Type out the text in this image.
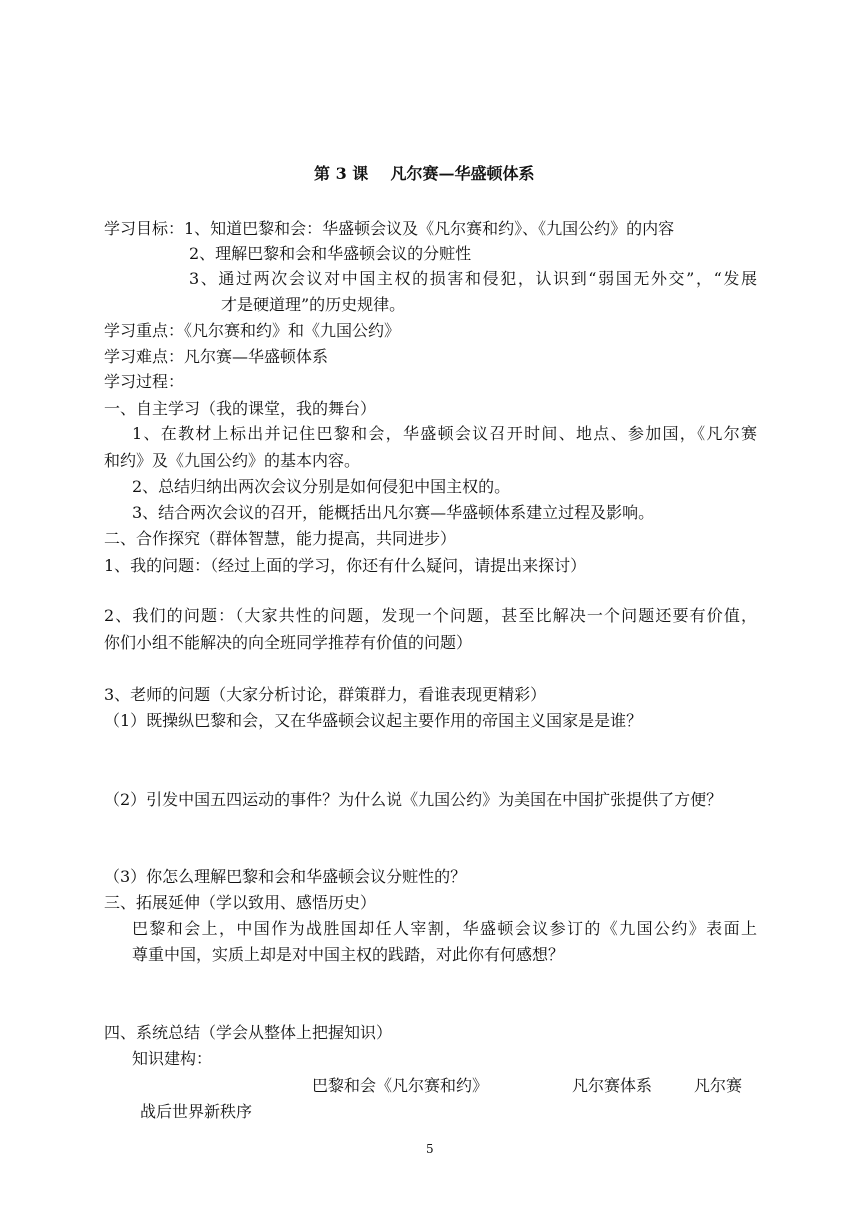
第 3 课    凡尔赛—华盛顿体系
学习目标：1、知道巴黎和会：华盛顿会议及《凡尔赛和约》、《九国公约》的内容
2、理解巴黎和会和华盛顿会议的分赃性
3、通过两次会议对中国主权的损害和侵犯，认识到“弱国无外交”，“发展
才是硬道理”的历史规律。
学习重点：《凡尔赛和约》和《九国公约》
学习难点：凡尔赛—华盛顿体系
学习过程：
一、自主学习（我的课堂，我的舞台）
1、在教材上标出并记住巴黎和会，华盛顿会议召开时间、地点、参加国，《凡尔赛
和约》及《九国公约》的基本内容。
2、总结归纳出两次会议分别是如何侵犯中国主权的。
3、结合两次会议的召开，能概括出凡尔赛—华盛顿体系建立过程及影响。
二、合作探究（群体智慧，能力提高，共同进步）
1、我的问题：（经过上面的学习，你还有什么疑问，请提出来探讨）
2、我们的问题：（大家共性的问题，发现一个问题，甚至比解决一个问题还要有价值，
你们小组不能解决的向全班同学推荐有价值的问题）
3、老师的问题（大家分析讨论，群策群力，看谁表现更精彩）
（1）既操纵巴黎和会，又在华盛顿会议起主要作用的帝国主义国家是是谁？
（2）引发中国五四运动的事件？为什么说《九国公约》为美国在中国扩张提供了方便？
（3）你怎么理解巴黎和会和华盛顿会议分赃性的？
三、拓展延伸（学以致用、感悟历史）
巴黎和会上，中国作为战胜国却任人宰割，华盛顿会议参订的《九国公约》表面上
尊重中国，实质上却是对中国主权的践踏，对此你有何感想？
四、系统总结（学会从整体上把握知识）
知识建构：
巴黎和会《凡尔赛和约》	凡尔赛体系	凡尔赛
战后世界新秩序
5
